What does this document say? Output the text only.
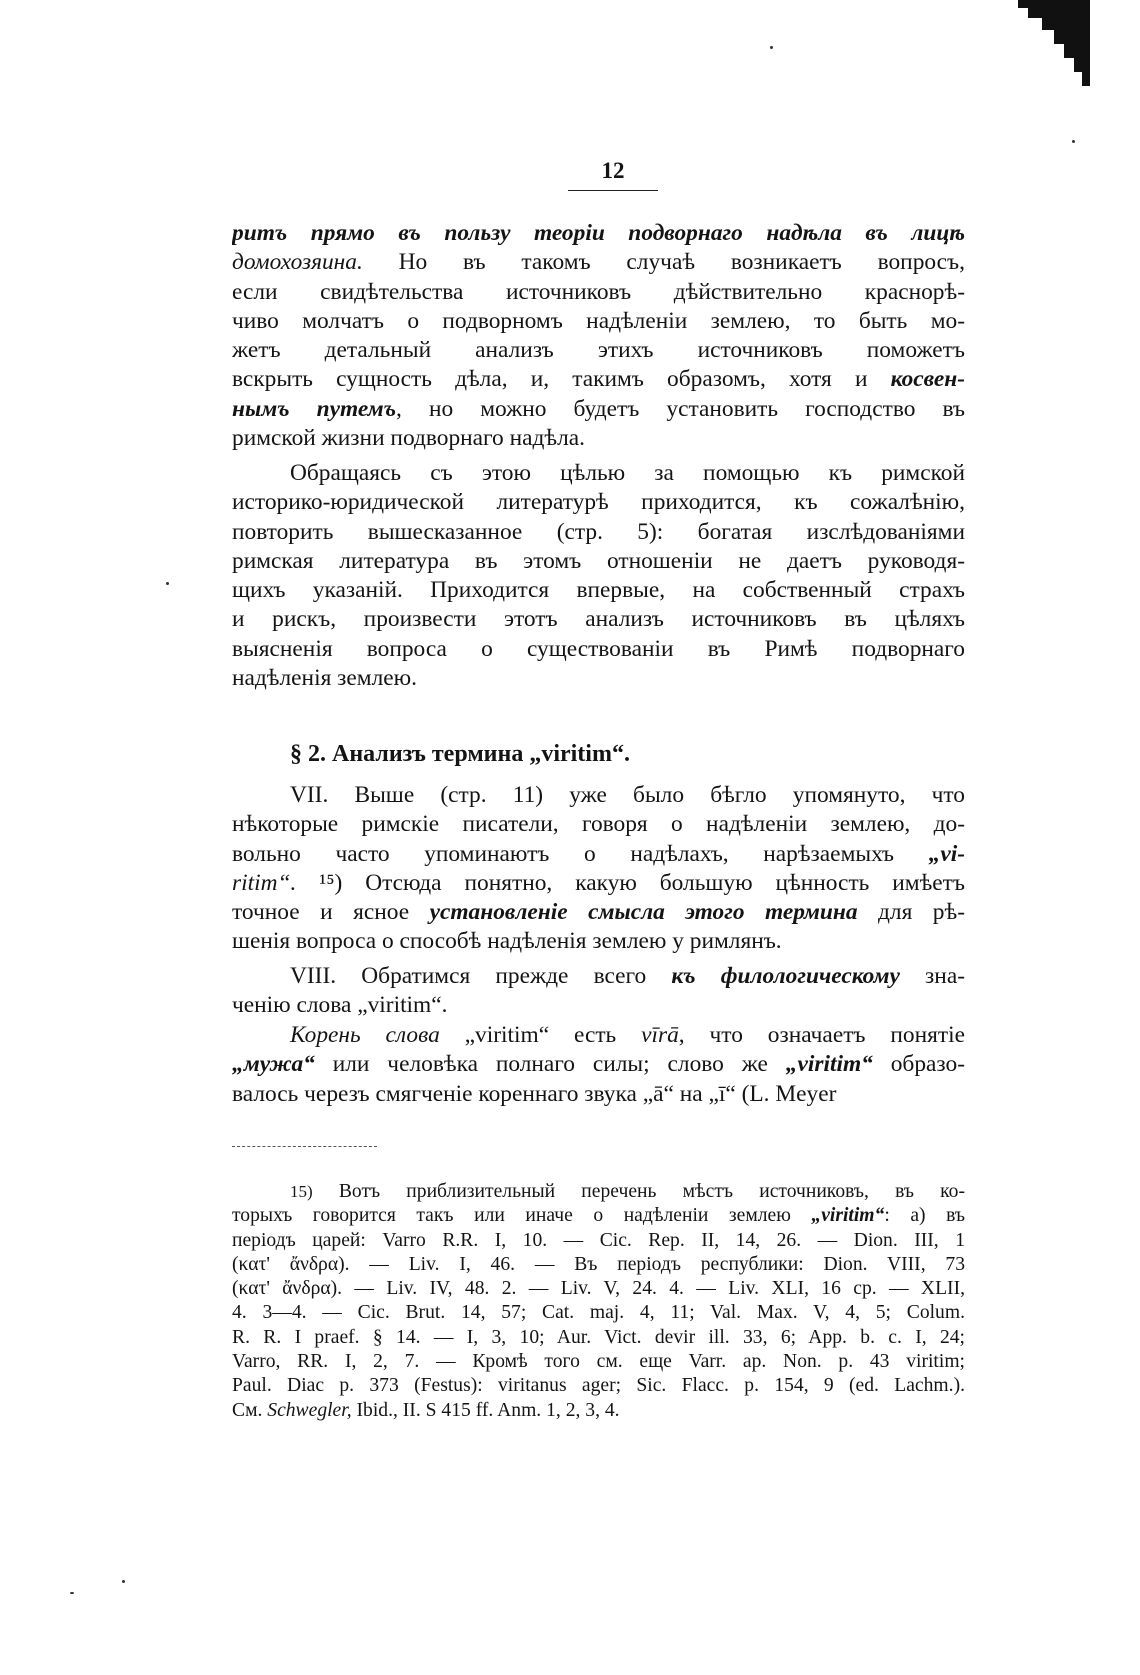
12
ритъ прямо въ пользу теоріи подворнаго надѣла въ лицѣ
домохозяина. Но въ такомъ случаѣ возникаетъ вопросъ,
если свидѣтельства источниковъ дѣйствительно краснорѣ-
чиво молчатъ о подворномъ надѣленіи землею, то быть мо-
жетъ детальный анализъ этихъ источниковъ поможетъ
вскрыть сущность дѣла, и, такимъ образомъ, хотя и косвен-
нымъ путемъ, но можно будетъ установить господство въ
римской жизни подворнаго надѣла.
Обращаясь съ этою цѣлью за помощью къ римской
историко-юридической литературѣ приходится, къ сожалѣнію,
повторить вышесказанное (стр. 5): богатая изслѣдованіями
римская литература въ этомъ отношеніи не даетъ руководя-
щихъ указаній. Приходится впервые, на собственный страхъ
и рискъ, произвести этотъ анализъ источниковъ въ цѣляхъ
выясненія вопроса о существованіи въ Римѣ подворнаго
надѣленія землею.
§ 2. Анализъ термина „viritim“.
VII. Выше (стр. 11) уже было бѣгло упомянуто, что
нѣкоторые римскіе писатели, говоря о надѣленіи землею, до-
вольно часто упоминаютъ о надѣлахъ, нарѣзаемыхъ „vi-
ritim“. ¹⁵) Отсюда понятно, какую большую цѣнность имѣетъ
точное и ясное установленіе смысла этого термина для рѣ-
шенія вопроса о способѣ надѣленія землею у римлянъ.
VIII. Обратимся прежде всего къ филологическому зна-
ченію слова „viritim“.
Корень слова „viritim“ есть vīrā, что означаетъ понятіе
„мужа“ или человѣка полнаго силы; слово же „viritim“ образо-
валось черезъ смягченіе кореннаго звука „ā“ на „ī“ (L. Meyer
15) Вотъ приблизительный перечень мѣстъ источниковъ, въ ко-
торыхъ говорится такъ или иначе о надѣленіи землею „viritim“: а) въ
періодъ царей: Varro R.R. I, 10. — Cic. Rep. II, 14, 26. — Dion. III, 1
(κατ' ἄνδρα). — Liv. I, 46. — Въ періодъ республики: Dion. VIII, 73
(κατ' ἄνδρα). — Liv. IV, 48. 2. — Liv. V, 24. 4. — Liv. XLI, 16 cp. — XLII,
4. 3—4. — Cic. Brut. 14, 57; Cat. maj. 4, 11; Val. Max. V, 4, 5; Colum.
R. R. I praef. § 14. — I, 3, 10; Aur. Vict. devir ill. 33, 6; App. b. c. I, 24;
Varro, RR. I, 2, 7. — Кромѣ того см. еще Varr. ap. Non. p. 43 viritim;
Paul. Diac p. 373 (Festus): viritanus ager; Sic. Flacc. p. 154, 9 (ed. Lachm.).
См. Schwegler, Ibid., II. S 415 ff. Anm. 1, 2, 3, 4.
